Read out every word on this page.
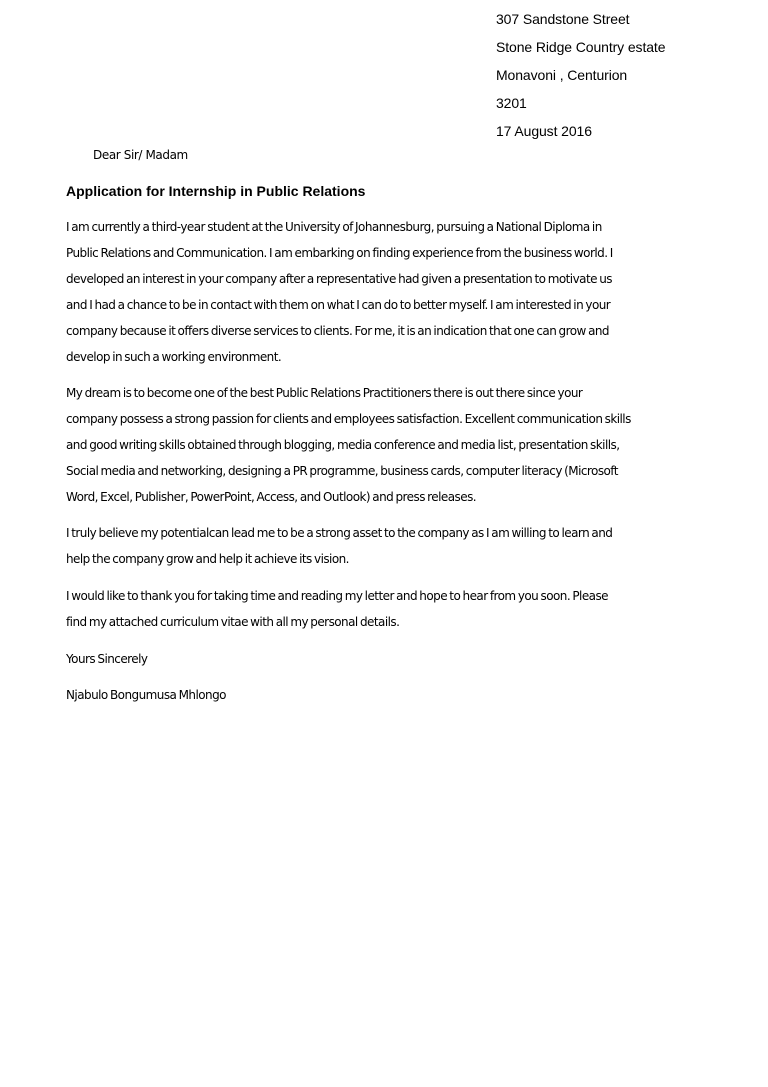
307 Sandstone Street
Stone Ridge Country estate
Monavoni , Centurion
3201
17 August 2016
Dear Sir/ Madam
Application for Internship in Public Relations
I am currently a third-year student at the University of Johannesburg, pursuing a National Diploma in
Public Relations and Communication. I am embarking on finding experience from the business world. I
developed an interest in your company after a representative had given a presentation to motivate us
and I had a chance to be in contact with them on what I can do to better myself. I am interested in your
company because it offers diverse services to clients. For me, it is an indication that one can grow and
develop in such a working environment.
My dream is to become one of the best Public Relations Practitioners there is out there since your
company possess a strong passion for clients and employees satisfaction. Excellent communication skills
and good writing skills obtained through blogging, media conference and media list, presentation skills,
Social media and networking, designing a PR programme, business cards, computer literacy (Microsoft
Word, Excel, Publisher, PowerPoint, Access, and Outlook) and press releases.
I truly believe my potentialcan lead me to be a strong asset to the company as I am willing to learn and
help the company grow and help it achieve its vision.
I would like to thank you for taking time and reading my letter and hope to hear from you soon. Please
find my attached curriculum vitae with all my personal details.
Yours Sincerely
Njabulo Bongumusa Mhlongo
